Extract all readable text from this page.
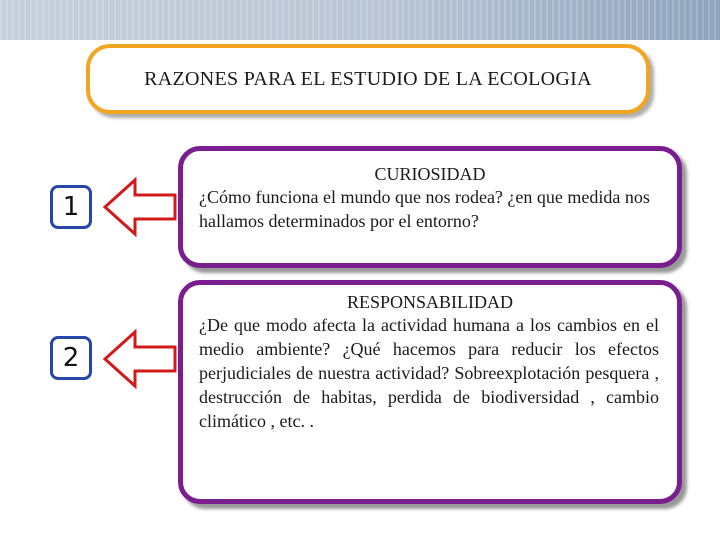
RAZONES PARA EL ESTUDIO DE LA ECOLOGIA
1
CURIOSIDAD
¿Cómo funciona el mundo que nos rodea? ¿en que medida nos hallamos determinados por el entorno?
2
RESPONSABILIDAD
¿De que modo afecta la actividad humana a los cambios en el medio ambiente? ¿Qué hacemos para reducir los efectos perjudiciales de nuestra actividad? Sobreexplotación pesquera , destrucción de habitas, perdida de biodiversidad , cambio climático , etc. .
